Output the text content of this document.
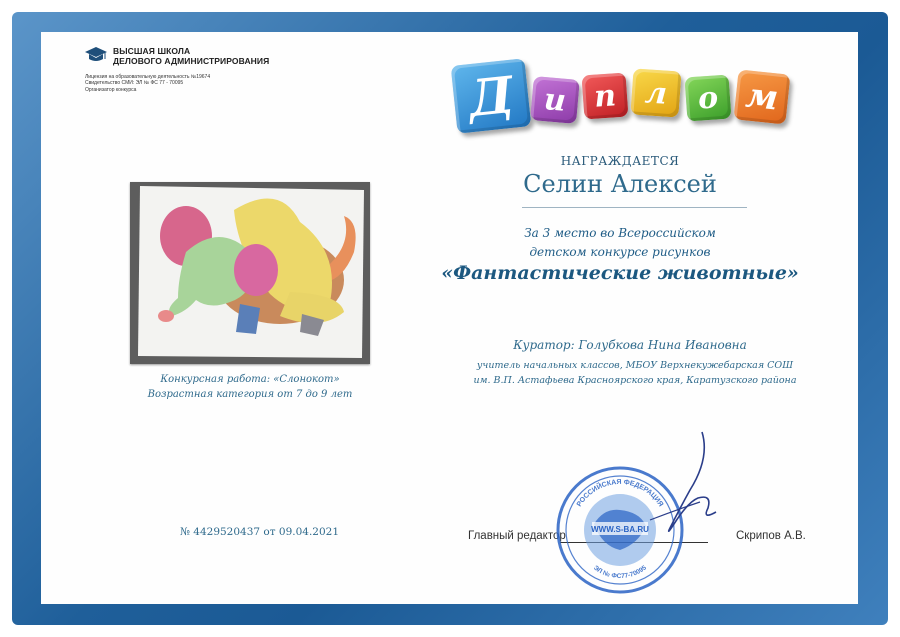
ВЫСШАЯ ШКОЛА
ДЕЛОВОГО АДМИНИСТРИРОВАНИЯ
Лицензия на образовательную деятельность №19674
Свидетельство СМИ: ЭЛ № ФС 77 - 70095
Организатор конкурса	Д и п л о м
НАГРАЖДАЕТСЯ
Селин Алексей
За 3 место во Всероссийском
детском конкурсе рисунков
«Фантастические животные»
Куратор: Голубкова Нина Ивановна
учитель начальных классов, МБОУ Верхнекужебарская СОШ
им. В.П. Астафьева Красноярского края, Каратузского района
Конкурсная работа: «Слонокот»
Возрастная категория от 7 до 9 лет
№ 4429520437 от 09.04.2021	Главный редактор	Скрипов А.В.
WWW.S-BA.RU
РОССИЙСКАЯ ФЕДЕРАЦИЯ
ЭЛ № ФС77-70095
